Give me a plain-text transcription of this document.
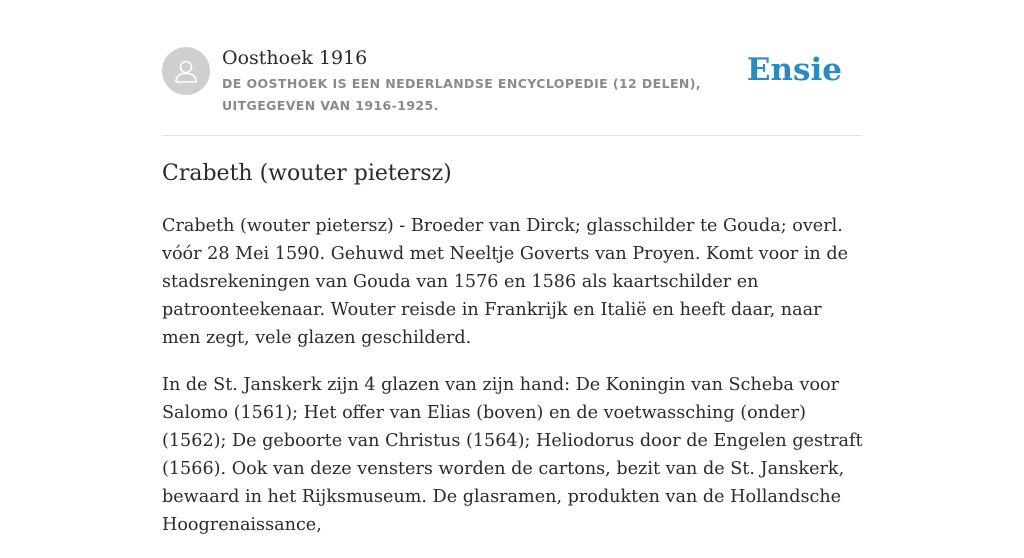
Oosthoek 1916
DE OOSTHOEK IS EEN NEDERLANDSE ENCYCLOPEDIE (12 DELEN), UITGEGEVEN VAN 1916-1925.
Ensie
Crabeth (wouter pietersz)

Crabeth (wouter pietersz) - Broeder van Dirck; glasschilder te Gouda; overl. vóór 28 Mei 1590. Gehuwd met Neeltje Goverts van Proyen. Komt voor in de stadsrekeningen van Gouda van 1576 en 1586 als kaartschilder en patroonteekenaar. Wouter reisde in Frankrijk en Italië en heeft daar, naar men zegt, vele glazen geschilderd.

In de St. Janskerk zijn 4 glazen van zijn hand: De Koningin van Scheba voor Salomo (1561); Het offer van Elias (boven) en de voetwassching (onder) (1562); De geboorte van Christus (1564); Heliodorus door de Engelen gestraft (1566). Ook van deze vensters worden de cartons, bezit van de St. Janskerk, bewaard in het Rijksmuseum. De glasramen, produkten van de Hollandsche Hoogrenaissance,
